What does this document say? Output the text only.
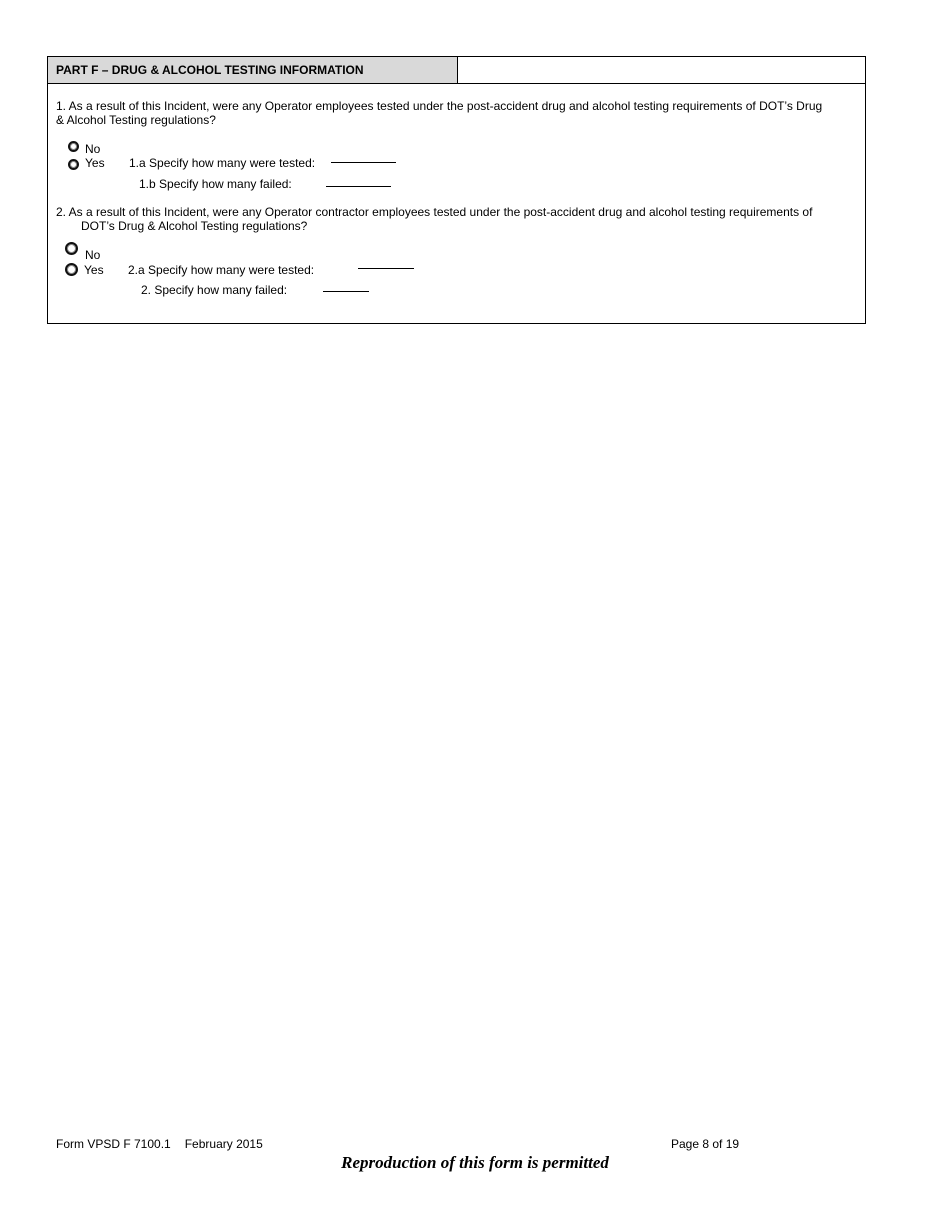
PART F – DRUG & ALCOHOL TESTING INFORMATION
1. As a result of this Incident, were any Operator employees tested under the post-accident drug and alcohol testing requirements of DOT’s Drug
& Alcohol Testing regulations?
No
Yes 1.a Specify how many were tested:
1.b Specify how many failed:
2. As a result of this Incident, were any Operator contractor employees tested under the post-accident drug and alcohol testing requirements of
DOT’s Drug & Alcohol Testing regulations?
No
Yes 2.a Specify how many were tested:
2. Specify how many failed:
Form VPSD F 7100.1 February 2015	Page 8 of 19
Reproduction of this form is permitted
